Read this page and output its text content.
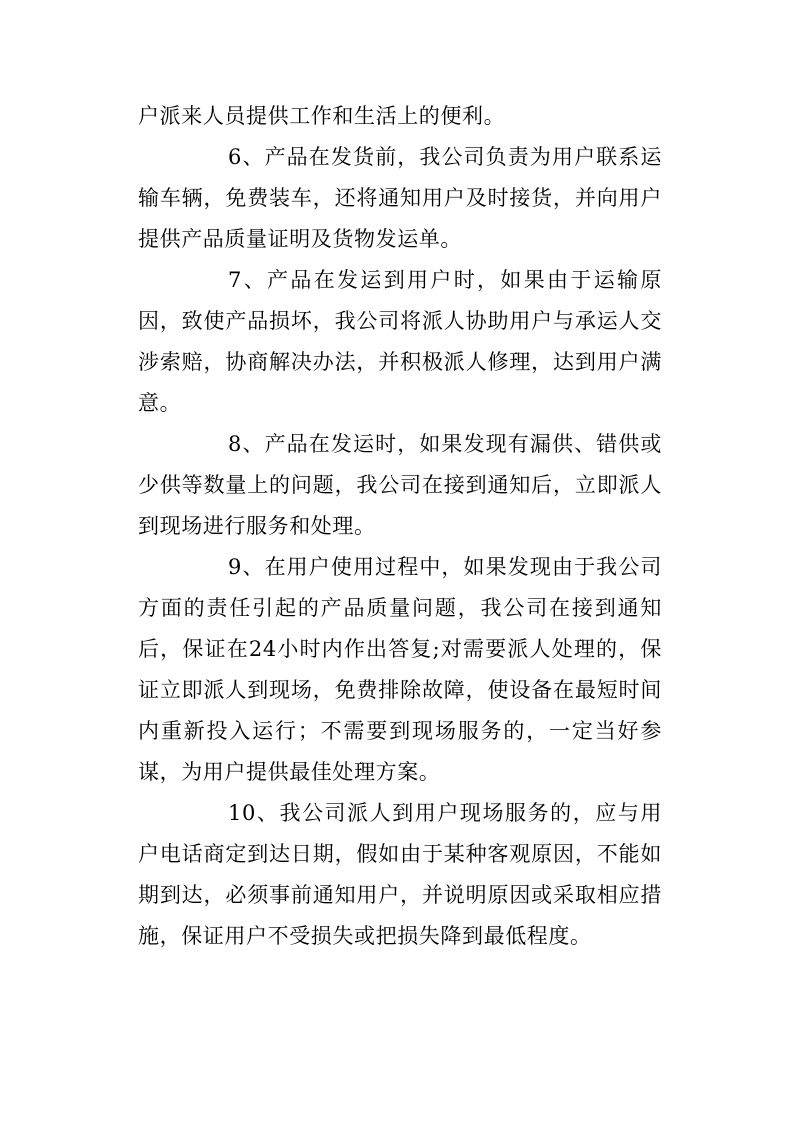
户派来人员提供工作和生活上的便利。

6、产品在发货前，我公司负责为用户联系运输车辆，免费装车，还将通知用户及时接货，并向用户提供产品质量证明及货物发运单。

7、产品在发运到用户时，如果由于运输原因，致使产品损坏，我公司将派人协助用户与承运人交涉索赔，协商解决办法，并积极派人修理，达到用户满意。

8、产品在发运时，如果发现有漏供、错供或少供等数量上的问题，我公司在接到通知后，立即派人到现场进行服务和处理。

9、在用户使用过程中，如果发现由于我公司方面的责任引起的产品质量问题，我公司在接到通知后，保证在24小时内作出答复;对需要派人处理的，保证立即派人到现场，免费排除故障，使设备在最短时间内重新投入运行；不需要到现场服务的，一定当好参谋，为用户提供最佳处理方案。

10、我公司派人到用户现场服务的，应与用户电话商定到达日期，假如由于某种客观原因，不能如期到达，必须事前通知用户，并说明原因或采取相应措施，保证用户不受损失或把损失降到最低程度。
